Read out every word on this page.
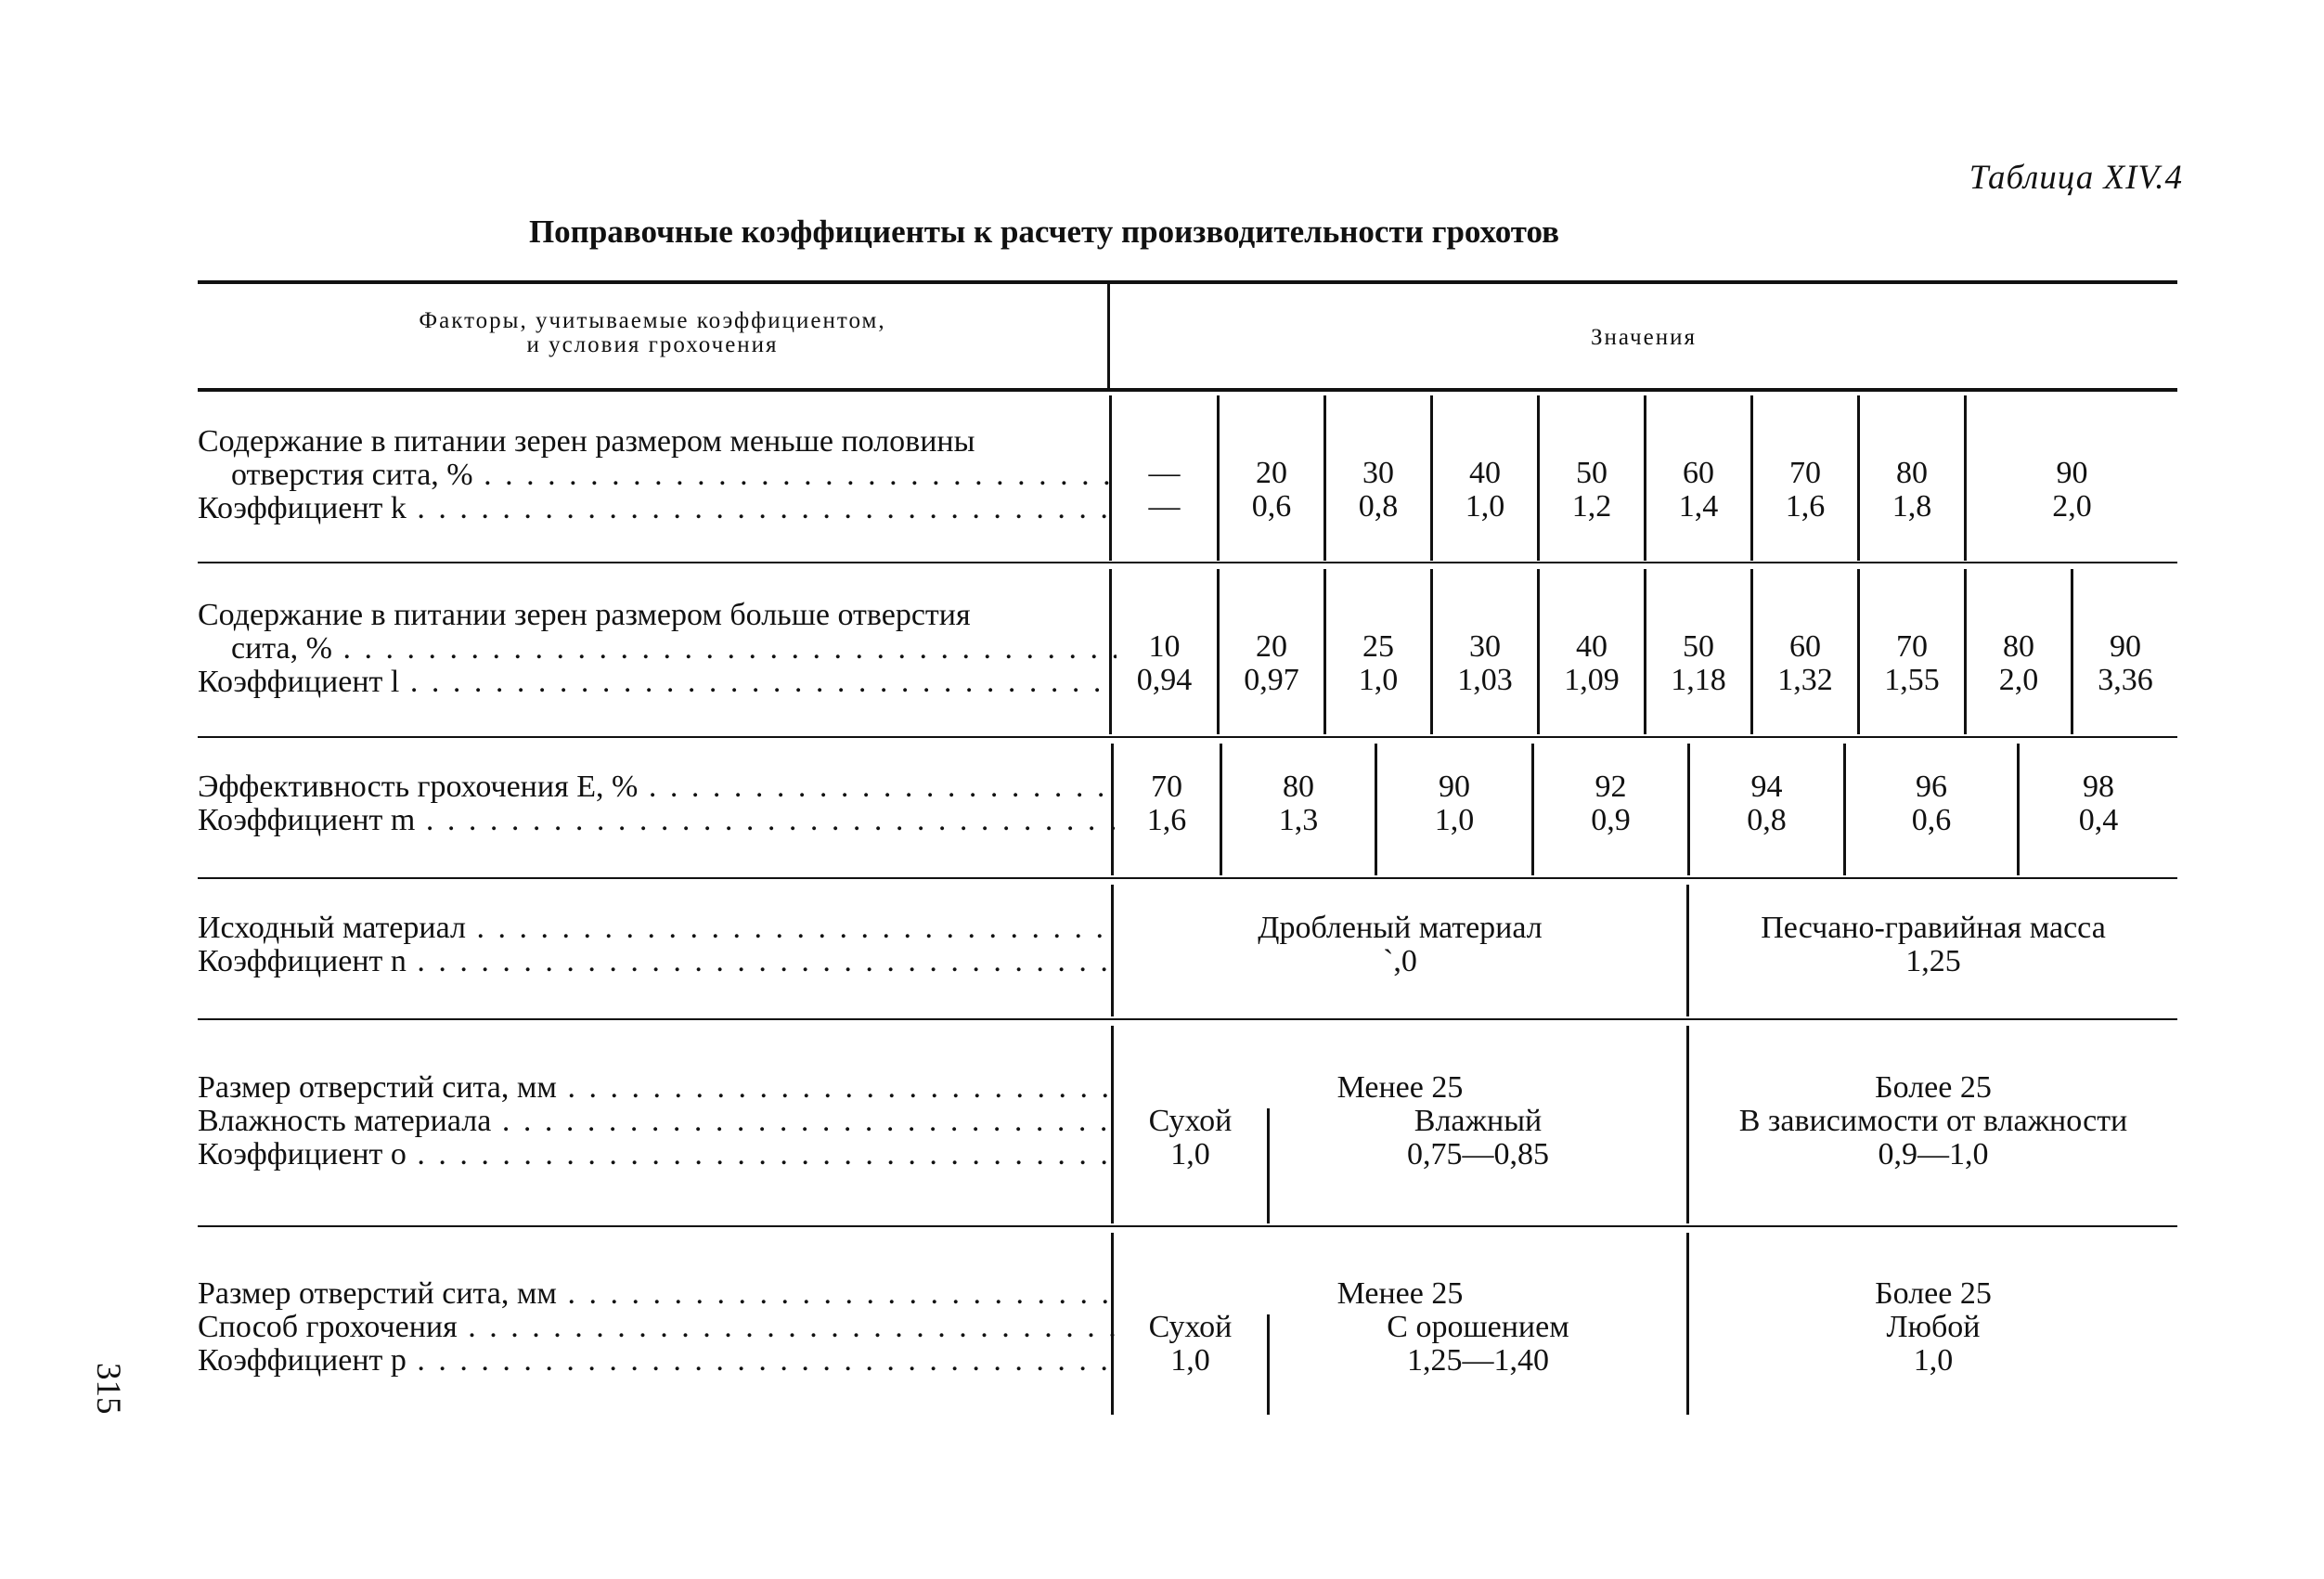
Таблица XIV.4
Поправочные коэффициенты к расчету производительности грохотов
Факторы, учитываемые коэффициентом,
и условия грохочения	Значения
Содержание в питании зерен размером меньше половины
отверстия сита, % . . .
Коэффициент k . . .
—
—
20
0,6
30
0,8
40
1,0
50
1,2
60
1,4
70
1,6
80
1,8
90
2,0
Содержание в питании зерен размером больше отверстия
сита, % . . .
Коэффициент l . . .
10
0,94
20
0,97
25
1,0
30
1,03
40
1,09
50
1,18
60
1,32
70
1,55
80
2,0
90
3,36
Эффективность грохочения E, % . . .
Коэффициент m . . .
70
1,6
80
1,3
90
1,0
92
0,9
94
0,8
96
0,6
98
0,4
Исходный материал . . .
Коэффициент n . . .
Дробленый материал
`,0
Песчано-гравийная масса
1,25
Размер отверстий сита, мм . . .
Влажность материала . . .
Коэффициент o . . .
Менее 25
Сухой
1,0
Влажный
0,75—0,85
Более 25
В зависимости от влажности
0,9—1,0
Размер отверстий сита, мм . . .
Способ грохочения . . .
Коэффициент p . . .
Менее 25
Сухой
1,0
С орошением
1,25—1,40
Более 25
Любой
1,0
315
